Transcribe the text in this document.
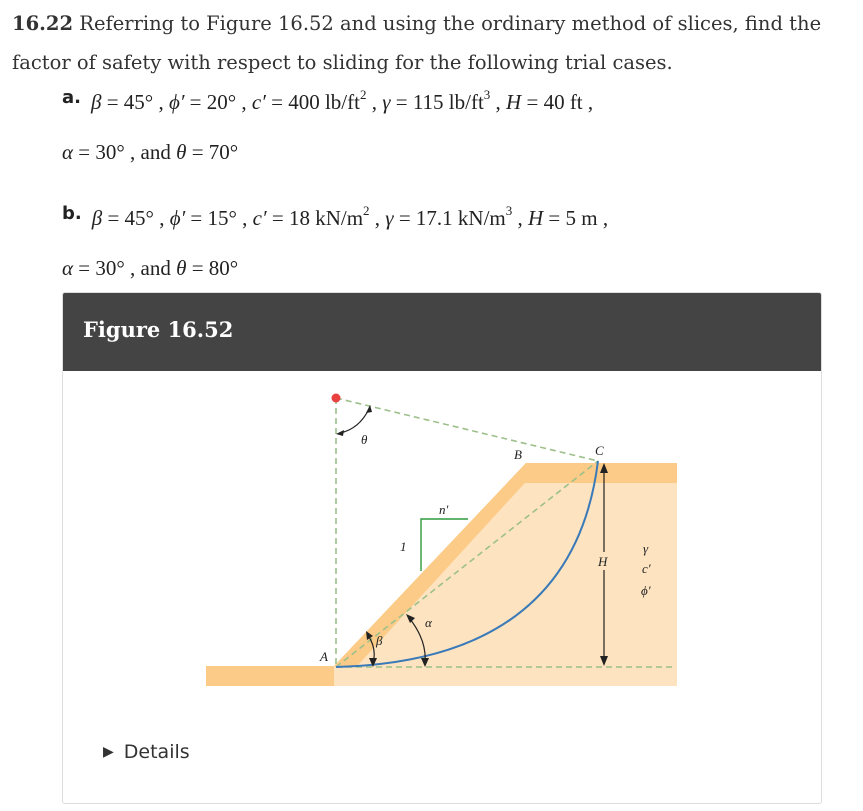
16.22 Referring to Figure 16.52 and using the ordinary method of slices, find the
factor of safety with respect to sliding for the following trial cases.
a. β = 45° , ϕ′ = 20° , c′ = 400 $lb/ft^2$ , γ = 115 $lb/ft^3$ , H = 40 ft ,
α = 30° , and θ = 70°
b. β = 45° , ϕ′ = 15° , c′ = 18 $kN/m^2$ , γ = 17.1 $kN/m^3$ , H = 5 m ,
α = 30° , and θ = 80°
Figure 16.52
θ
B	C
1
n′
H
γ
c′
ϕ′
α
β
A
▶ Details
